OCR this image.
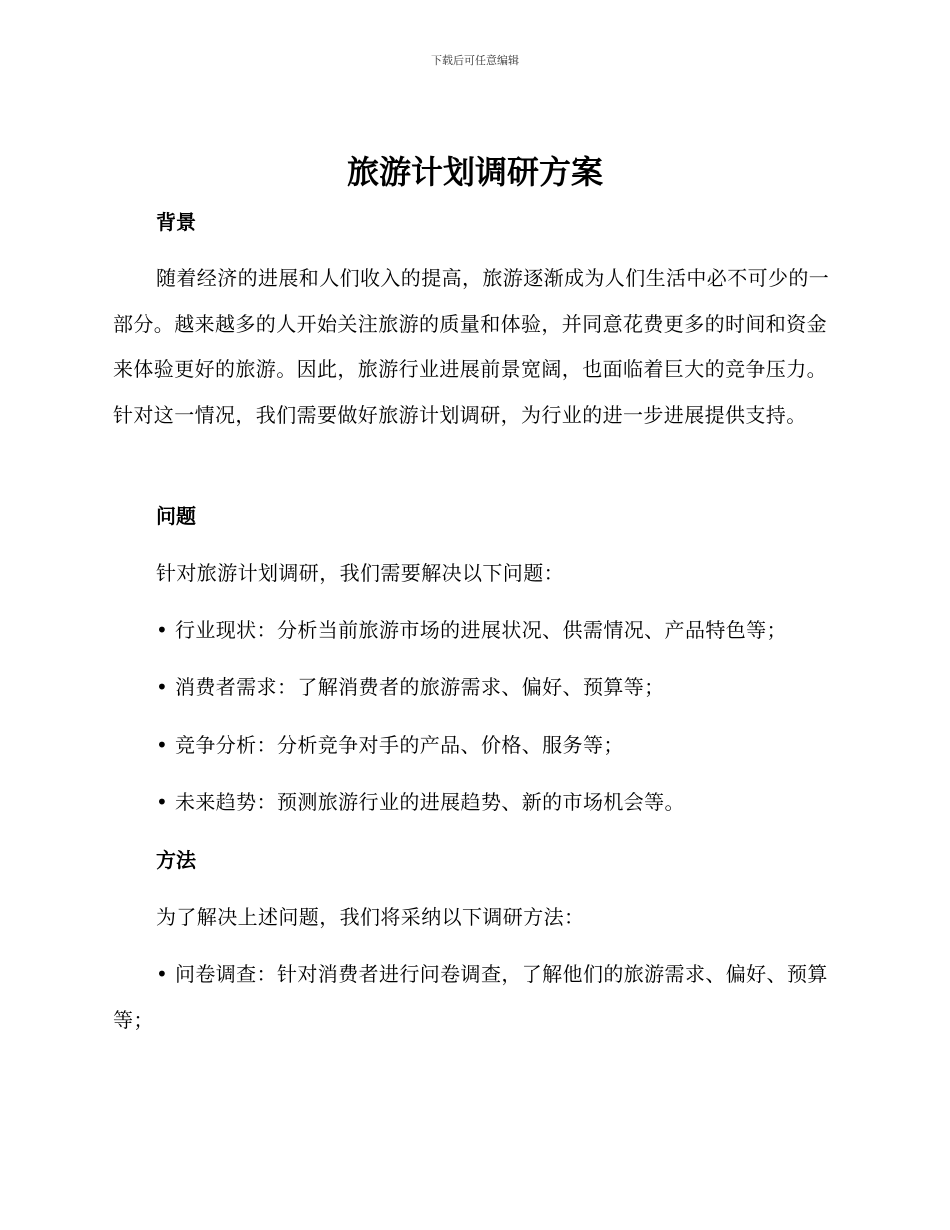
下载后可任意编辑
旅游计划调研方案
背景

随着经济的进展和人们收入的提高，旅游逐渐成为人们生活中必不可少的一部分。越来越多的人开始关注旅游的质量和体验，并同意花费更多的时间和资金来体验更好的旅游。因此，旅游行业进展前景宽阔，也面临着巨大的竞争压力。针对这一情况，我们需要做好旅游计划调研，为行业的进一步进展提供支持。

问题

针对旅游计划调研，我们需要解决以下问题：

• 行业现状：分析当前旅游市场的进展状况、供需情况、产品特色等；

• 消费者需求：了解消费者的旅游需求、偏好、预算等；

• 竞争分析：分析竞争对手的产品、价格、服务等；

• 未来趋势：预测旅游行业的进展趋势、新的市场机会等。

方法

为了解决上述问题，我们将采纳以下调研方法：

• 问卷调查：针对消费者进行问卷调查，了解他们的旅游需求、偏好、预算等；
